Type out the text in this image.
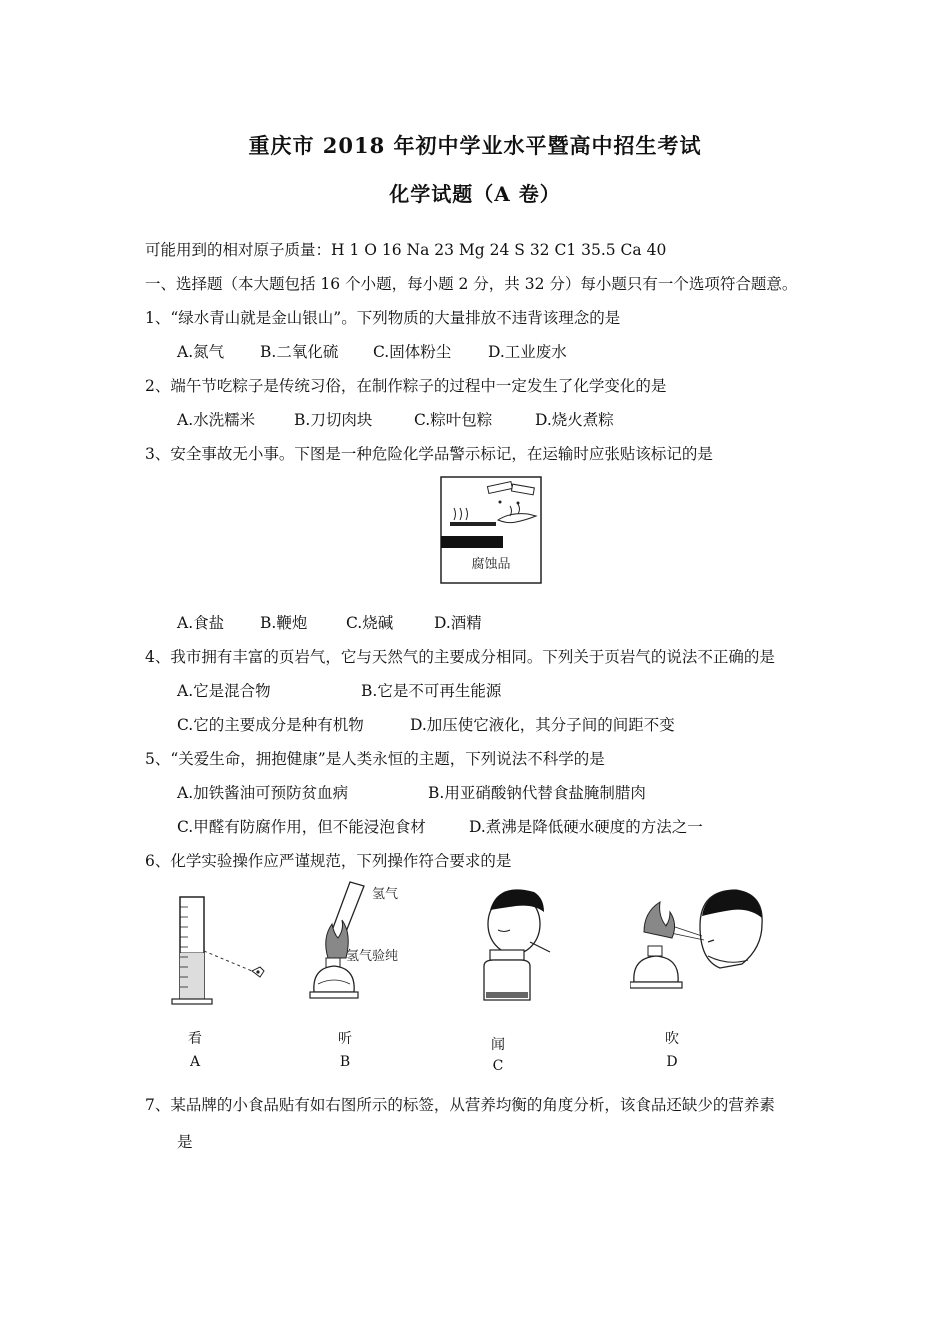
重庆市 2018 年初中学业水平暨高中招生考试
化学试题（A 卷）
可能用到的相对原子质量：H 1 O 16 Na 23 Mg 24 S 32 C1 35.5 Ca 40
一、选择题（本大题包括 16 个小题，每小题 2 分，共 32 分）每小题只有一个选项符合题意。
1、“绿水青山就是金山银山”。下列物质的大量排放不违背该理念的是
A.氮气 B.二氧化硫 C.固体粉尘 D.工业废水
2、端午节吃粽子是传统习俗，在制作粽子的过程中一定发生了化学变化的是
A.水洗糯米	B.刀切肉块	C.粽叶包粽	D.烧火煮粽
3、安全事故无小事。下图是一种危险化学品警示标记，在运输时应张贴该标记的是
腐蚀品
A.食盐 B.鞭炮 C.烧碱	D.酒精
4、我市拥有丰富的页岩气，它与天然气的主要成分相同。下列关于页岩气的说法不正确的是
A.它是混合物	B.它是不可再生能源
C.它的主要成分是种有机物	D.加压使它液化，其分子间的间距不变
5、“关爱生命，拥抱健康”是人类永恒的主题，下列说法不科学的是
A.加铁酱油可预防贫血病	B.用亚硝酸钠代替食盐腌制腊肉
C.甲醛有防腐作用，但不能浸泡食材	D.煮沸是降低硬水硬度的方法之一
6、化学实验操作应严谨规范，下列操作符合要求的是
氢气
氢气验纯
看
A
听
B
闻
C
吹
D
7、某品牌的小食品贴有如右图所示的标签，从营养均衡的角度分析，该食品还缺少的营养素
是
